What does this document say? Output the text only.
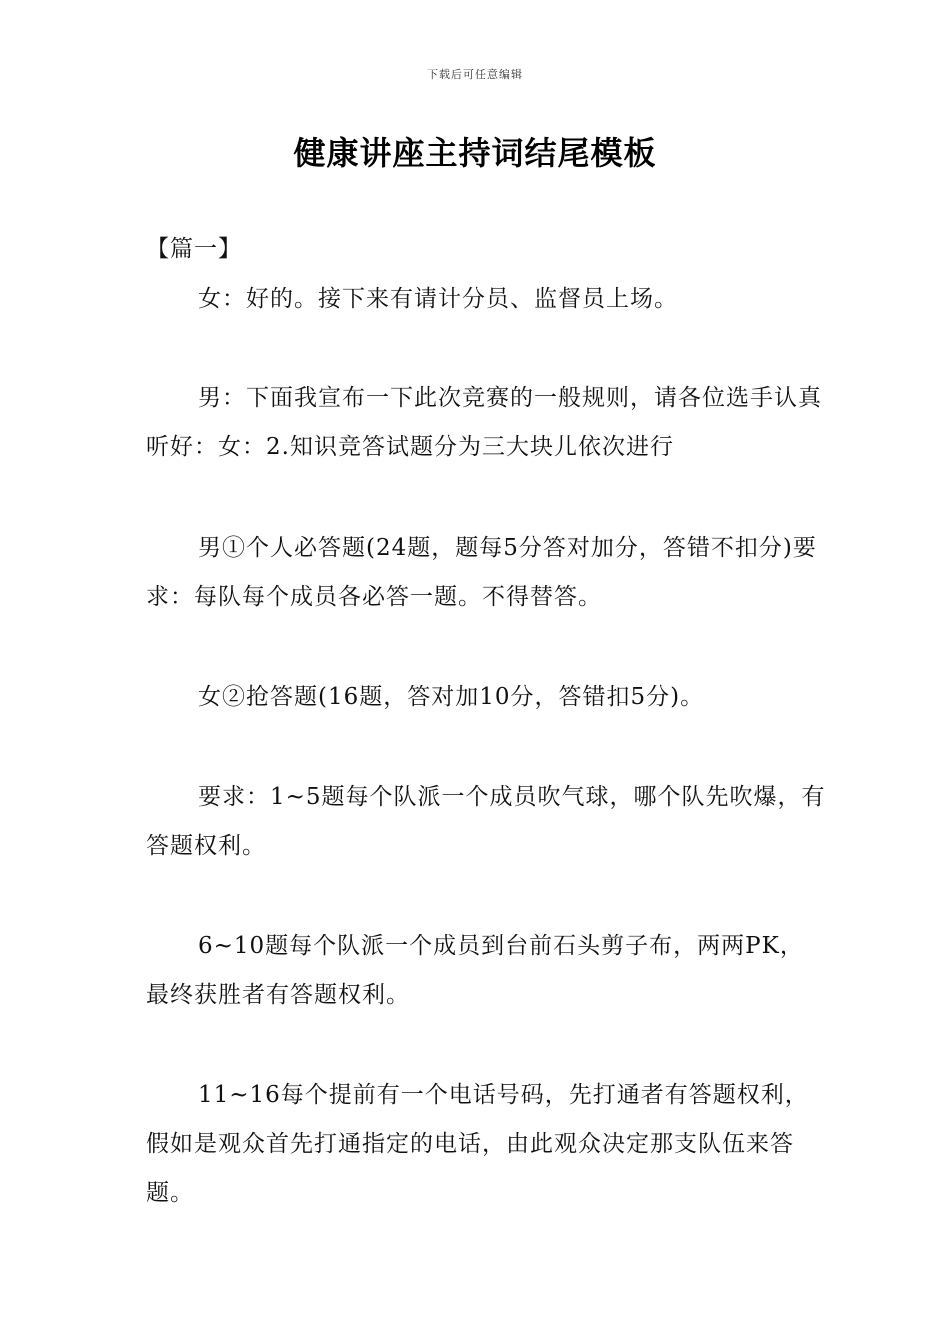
下载后可任意编辑
健康讲座主持词结尾模板
【篇一】

女：好的。接下来有请计分员、监督员上场。

男：下面我宣布一下此次竞赛的一般规则，请各位选手认真听好：女：2.知识竞答试题分为三大块儿依次进行

男①个人必答题(24题，题每5分答对加分，答错不扣分)要求：每队每个成员各必答一题。不得替答。

女②抢答题(16题，答对加10分，答错扣5分)。

要求：1~5题每个队派一个成员吹气球，哪个队先吹爆，有答题权利。

6~10题每个队派一个成员到台前石头剪子布，两两PK，最终获胜者有答题权利。

11~16每个提前有一个电话号码，先打通者有答题权利，假如是观众首先打通指定的电话，由此观众决定那支队伍来答题。
